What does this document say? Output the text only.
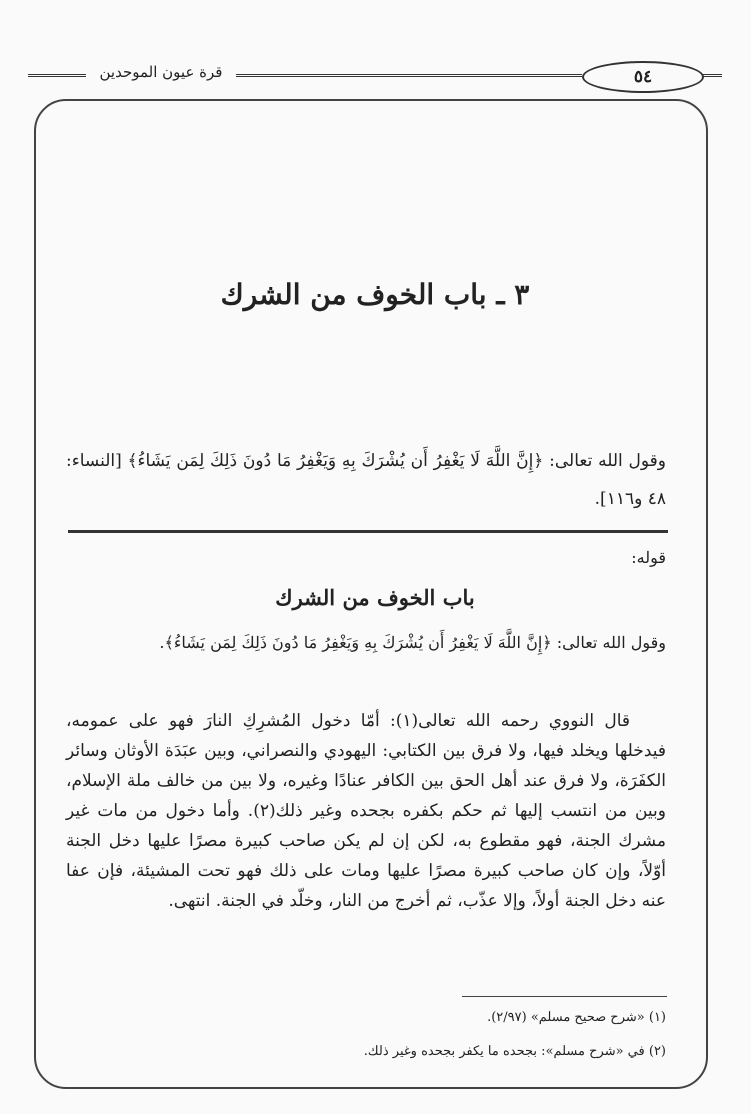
قرة عيون الموحدين	٥٤
٣ ـ باب الخوف من الشرك
وقول الله تعالى: ﴿إِنَّ اللَّهَ لَا يَغْفِرُ أَن يُشْرَكَ بِهِ وَيَغْفِرُ مَا دُونَ ذَلِكَ لِمَن يَشَاءُ﴾ [النساء: ٤٨ و١١٦].
قوله:
باب الخوف من الشرك
وقول الله تعالى: ﴿إِنَّ اللَّهَ لَا يَغْفِرُ أَن يُشْرَكَ بِهِ وَيَغْفِرُ مَا دُونَ ذَلِكَ لِمَن يَشَاءُ﴾.

قال النووي رحمه الله تعالى(١): أمّا دخول المُشرِكِ النارَ فهو على عمومه، فيدخلها ويخلد فيها، ولا فرق بين الكتابي: اليهودي والنصراني، وبين عبَدَة الأوثان وسائر الكفَرَة، ولا فرق عند أهل الحق بين الكافر عنادًا وغيره، ولا بين من خالف ملة الإسلام، وبين من انتسب إليها ثم حكم بكفره بجحده وغير ذلك(٢). وأما دخول من مات غير مشرك الجنة، فهو مقطوع به، لكن إن لم يكن صاحب كبيرة مصرًا عليها دخل الجنة أوّلاً، وإن كان صاحب كبيرة مصرًا عليها ومات على ذلك فهو تحت المشيئة، فإن عفا عنه دخل الجنة أولاً، وإلا عذّب، ثم أخرج من النار، وخلّد في الجنة. انتهى.

(١) «شرح صحيح مسلم» (٢/٩٧).
(٢) في «شرح مسلم»: بجحده ما يكفر بجحده وغير ذلك.
